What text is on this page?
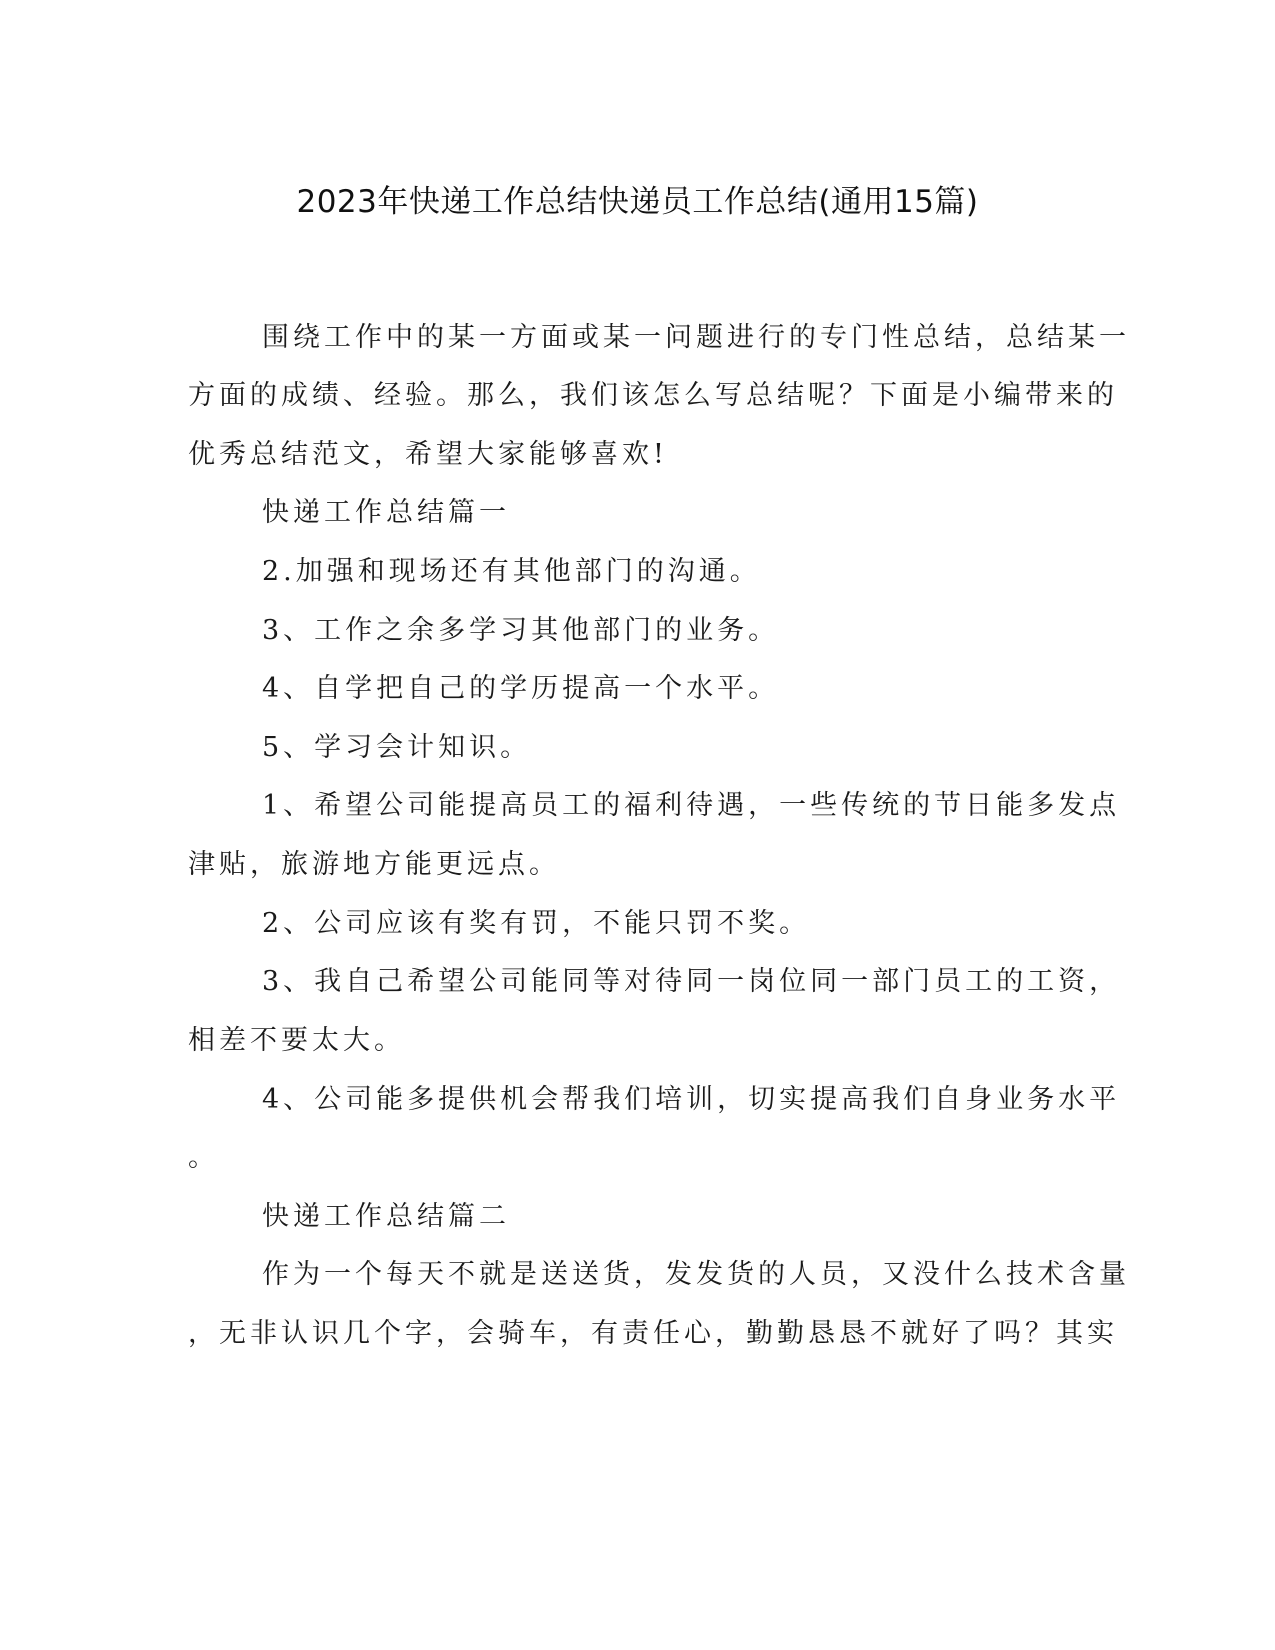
2023年快递工作总结快递员工作总结(通用15篇)
围绕工作中的某一方面或某一问题进行的专门性总结，总结某一
方面的成绩、经验。那么，我们该怎么写总结呢？下面是小编带来的
优秀总结范文，希望大家能够喜欢!
快递工作总结篇一
2.加强和现场还有其他部门的沟通。
3、工作之余多学习其他部门的业务。
4、自学把自己的学历提高一个水平。
5、学习会计知识。
1、希望公司能提高员工的福利待遇，一些传统的节日能多发点
津贴，旅游地方能更远点。
2、公司应该有奖有罚，不能只罚不奖。
3、我自己希望公司能同等对待同一岗位同一部门员工的工资，
相差不要太大。
4、公司能多提供机会帮我们培训，切实提高我们自身业务水平
。
快递工作总结篇二
作为一个每天不就是送送货，发发货的人员，又没什么技术含量
，无非认识几个字，会骑车，有责任心，勤勤恳恳不就好了吗？其实
